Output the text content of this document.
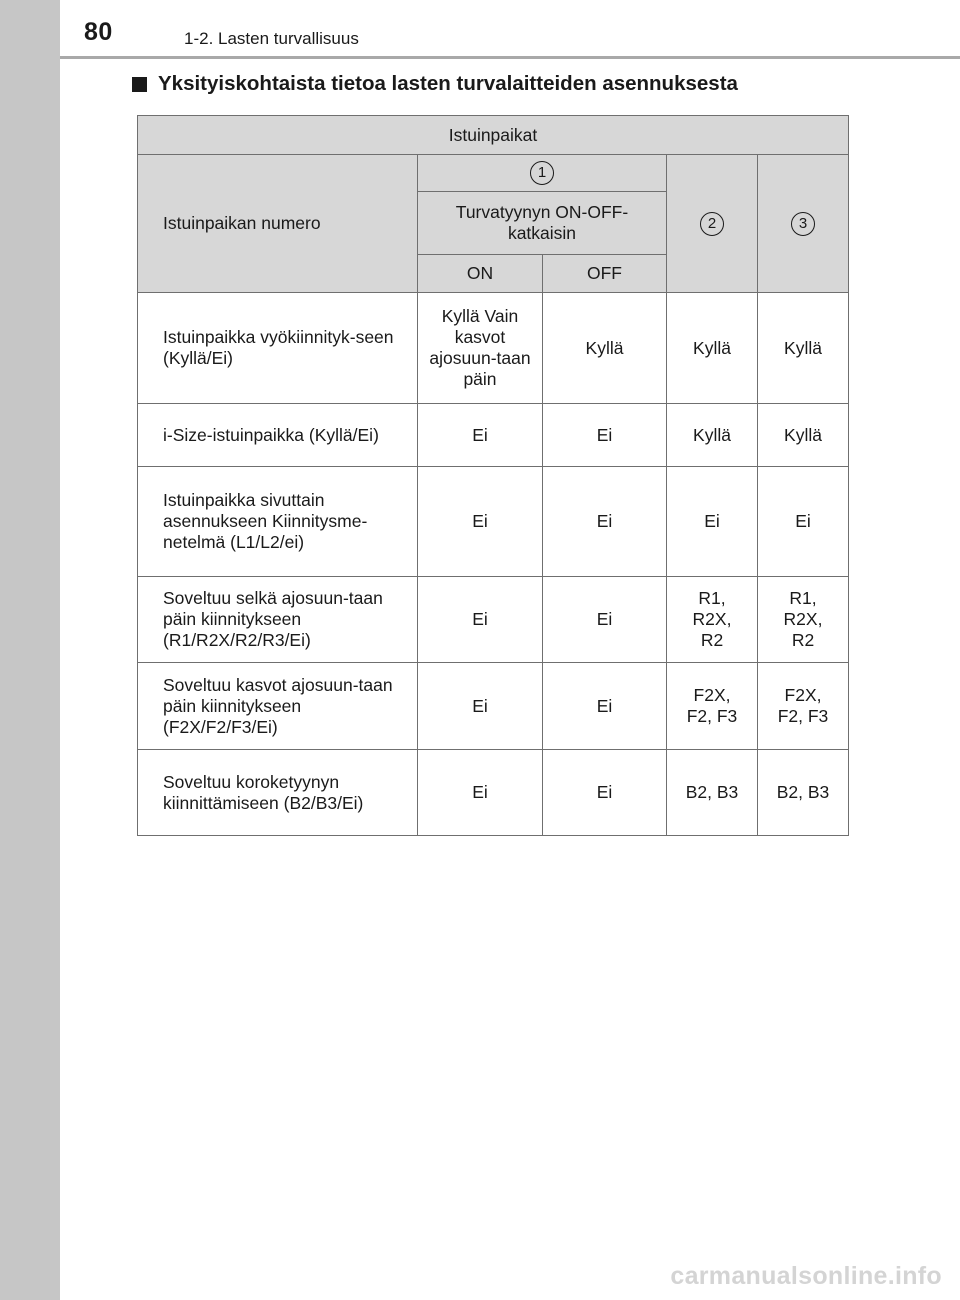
80	1-2. Lasten turvallisuus
Yksityiskohtaista tietoa lasten turvalaitteiden asennuksesta
Istuinpaikat				
Istuinpaikan numero	1		2	3
	Turvatyynyn ON-OFF-katkaisin			
	ON	OFF		
Istuinpaikka vyökiinnityk-seen (Kyllä/Ei)	Kyllä Vain kasvot ajosuun-taan päin	Kyllä	Kyllä	Kyllä
i-Size-istuinpaikka (Kyllä/Ei)	Ei	Ei	Kyllä	Kyllä
Istuinpaikka sivuttain asennukseen Kiinnitysme-netelmä (L1/L2/ei)	Ei	Ei	Ei	Ei
Soveltuu selkä ajosuun-taan päin kiinnitykseen (R1/R2X/R2/R3/Ei)	Ei	Ei	R1, R2X, R2	R1, R2X, R2
Soveltuu kasvot ajosuun-taan päin kiinnitykseen (F2X/F2/F3/Ei)	Ei	Ei	F2X, F2, F3	F2X, F2, F3
Soveltuu koroketyynyn kiinnittämiseen (B2/B3/Ei)	Ei	Ei	B2, B3	B2, B3
carmanualsonline.info
